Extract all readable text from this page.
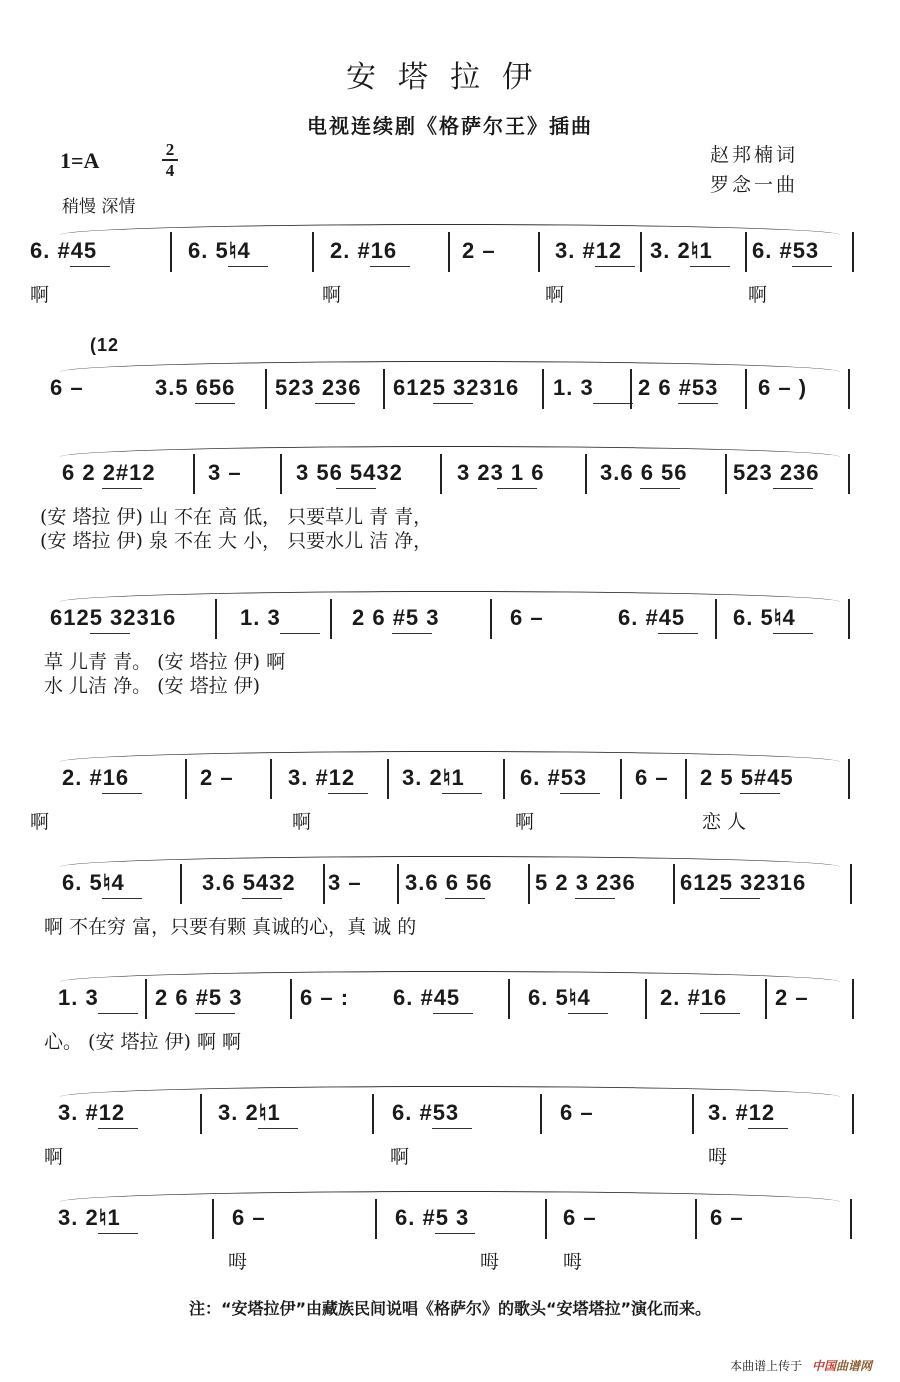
安塔拉伊
电视连续剧《格萨尔王》插曲
赵邦楠词
罗念一曲
1=A	2
4
稍慢 深情
6. #45	6. 5♮4	2. #16	2 –	3. #12 3. 2♮1 6. #53
啊	啊	啊	啊
6 –
(12
3.5 656 523 236 6125 32316 1. 3 2 6 #53 6 – )
6 2 2#12 3 – 3 56 5432 3 23 1 6	3.6 6 56 523 236
(安 塔拉 伊) 山 不在 高 低， 只要草儿 青 青，
(安 塔拉 伊) 泉 不在 大 小， 只要水儿 洁 净，
6125 32316	1. 3	2 6 #5 3	6 –	6. #45 6. 5♮4
草 儿青 青。 (安 塔拉 伊) 啊
水 儿洁 净。 (安 塔拉 伊)
2. #16	2 – 3. #12 3. 2♮1	6. #53 6 – 2 5 5#45
啊	啊	啊	恋 人
6. 5♮4	3.6 5432 3 – 3.6 6 56 5 2 3 236 6125 32316
啊 不在穷 富，只要有颗 真诚的心，真 诚 的
1. 3	2 6 #5 3	6 – : 6. #45	6. 5♮4	2. #16 2 –
心。 (安 塔拉 伊) 啊 啊
3. #12	3. 2♮1	6. #53	6 –	3. #12
啊	啊	呣
3. 2♮1	6 –	6. #5 3	6 –	6 –
呣	呣	呣
注：“安塔拉伊”由藏族民间说唱《格萨尔》的歌头“安塔塔拉”演化而来。
本曲谱上传于 中国曲谱网
